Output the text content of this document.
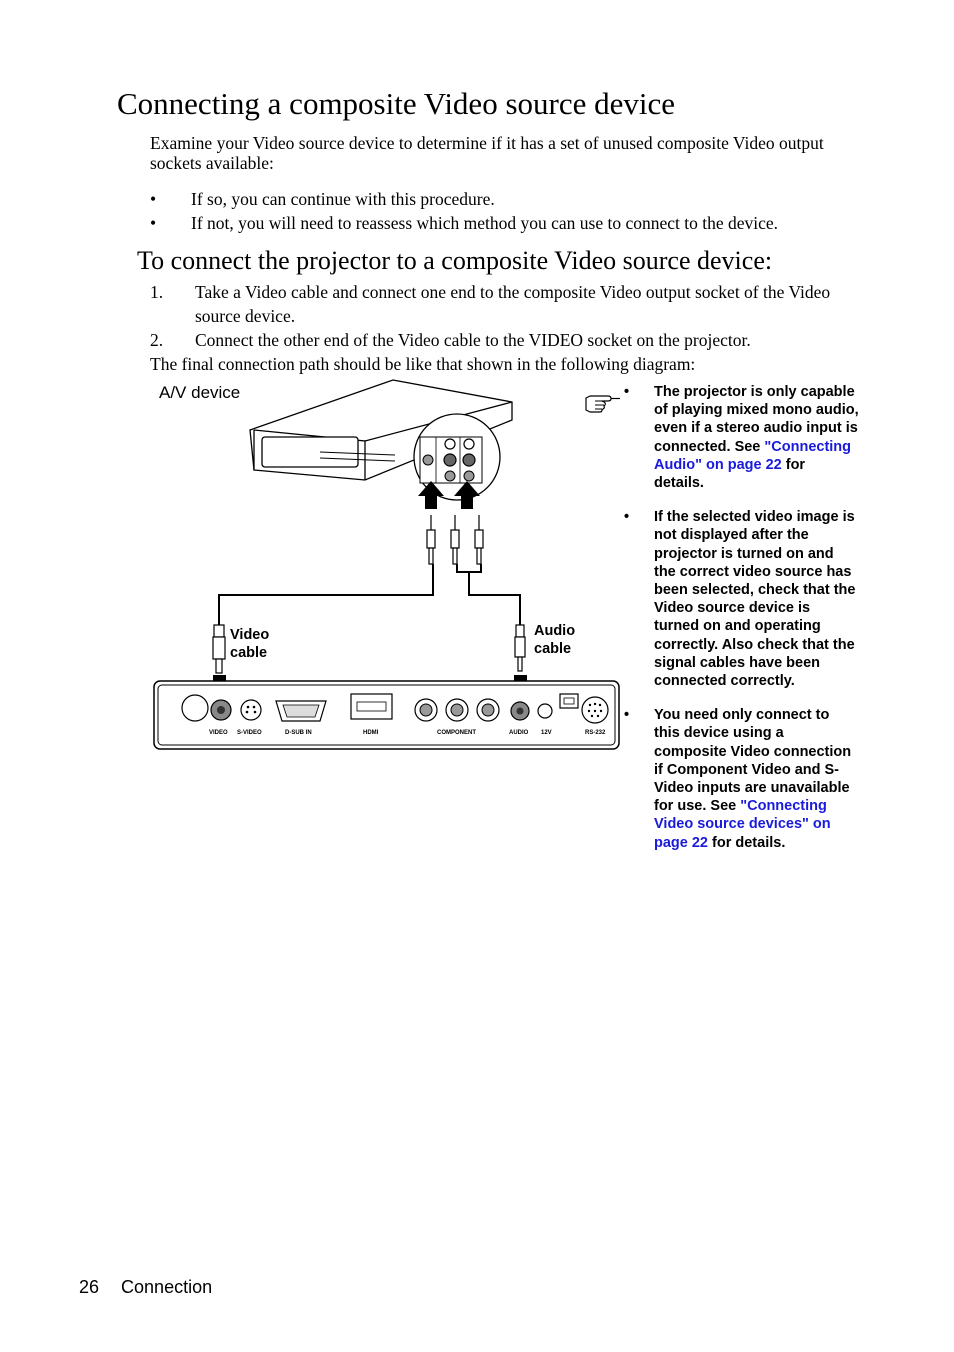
Connecting a composite Video source device

Examine your Video source device to determine if it has a set of unused composite Video output sockets available:

• If so, you can continue with this procedure.
• If not, you will need to reassess which method you can use to connect to the device.
To connect the projector to a composite Video source device:
1. Take a Video cable and connect one end to the composite Video output socket of the Video source device.
2. Connect the other end of the Video cable to the VIDEO socket on the projector.

The final connection path should be like that shown in the following diagram:

VIDEO S-VIDEO	D-SUB IN	HDMI	COMPONENT	AUDIO 12V	RS-232
A/V device
Video cable
Audio cable
• The projector is only capable of playing mixed mono audio, even if a stereo audio input is connected. See "Connecting Audio" on page 22 for details.
• If the selected video image is not displayed after the projector is turned on and the correct video source has been selected, check that the Video source device is turned on and operating correctly. Also check that the signal cables have been connected correctly.
• You need only connect to this device using a composite Video connection if Component Video and S-Video inputs are unavailable for use. See "Connecting Video source devices" on page 22 for details.
26 Connection
